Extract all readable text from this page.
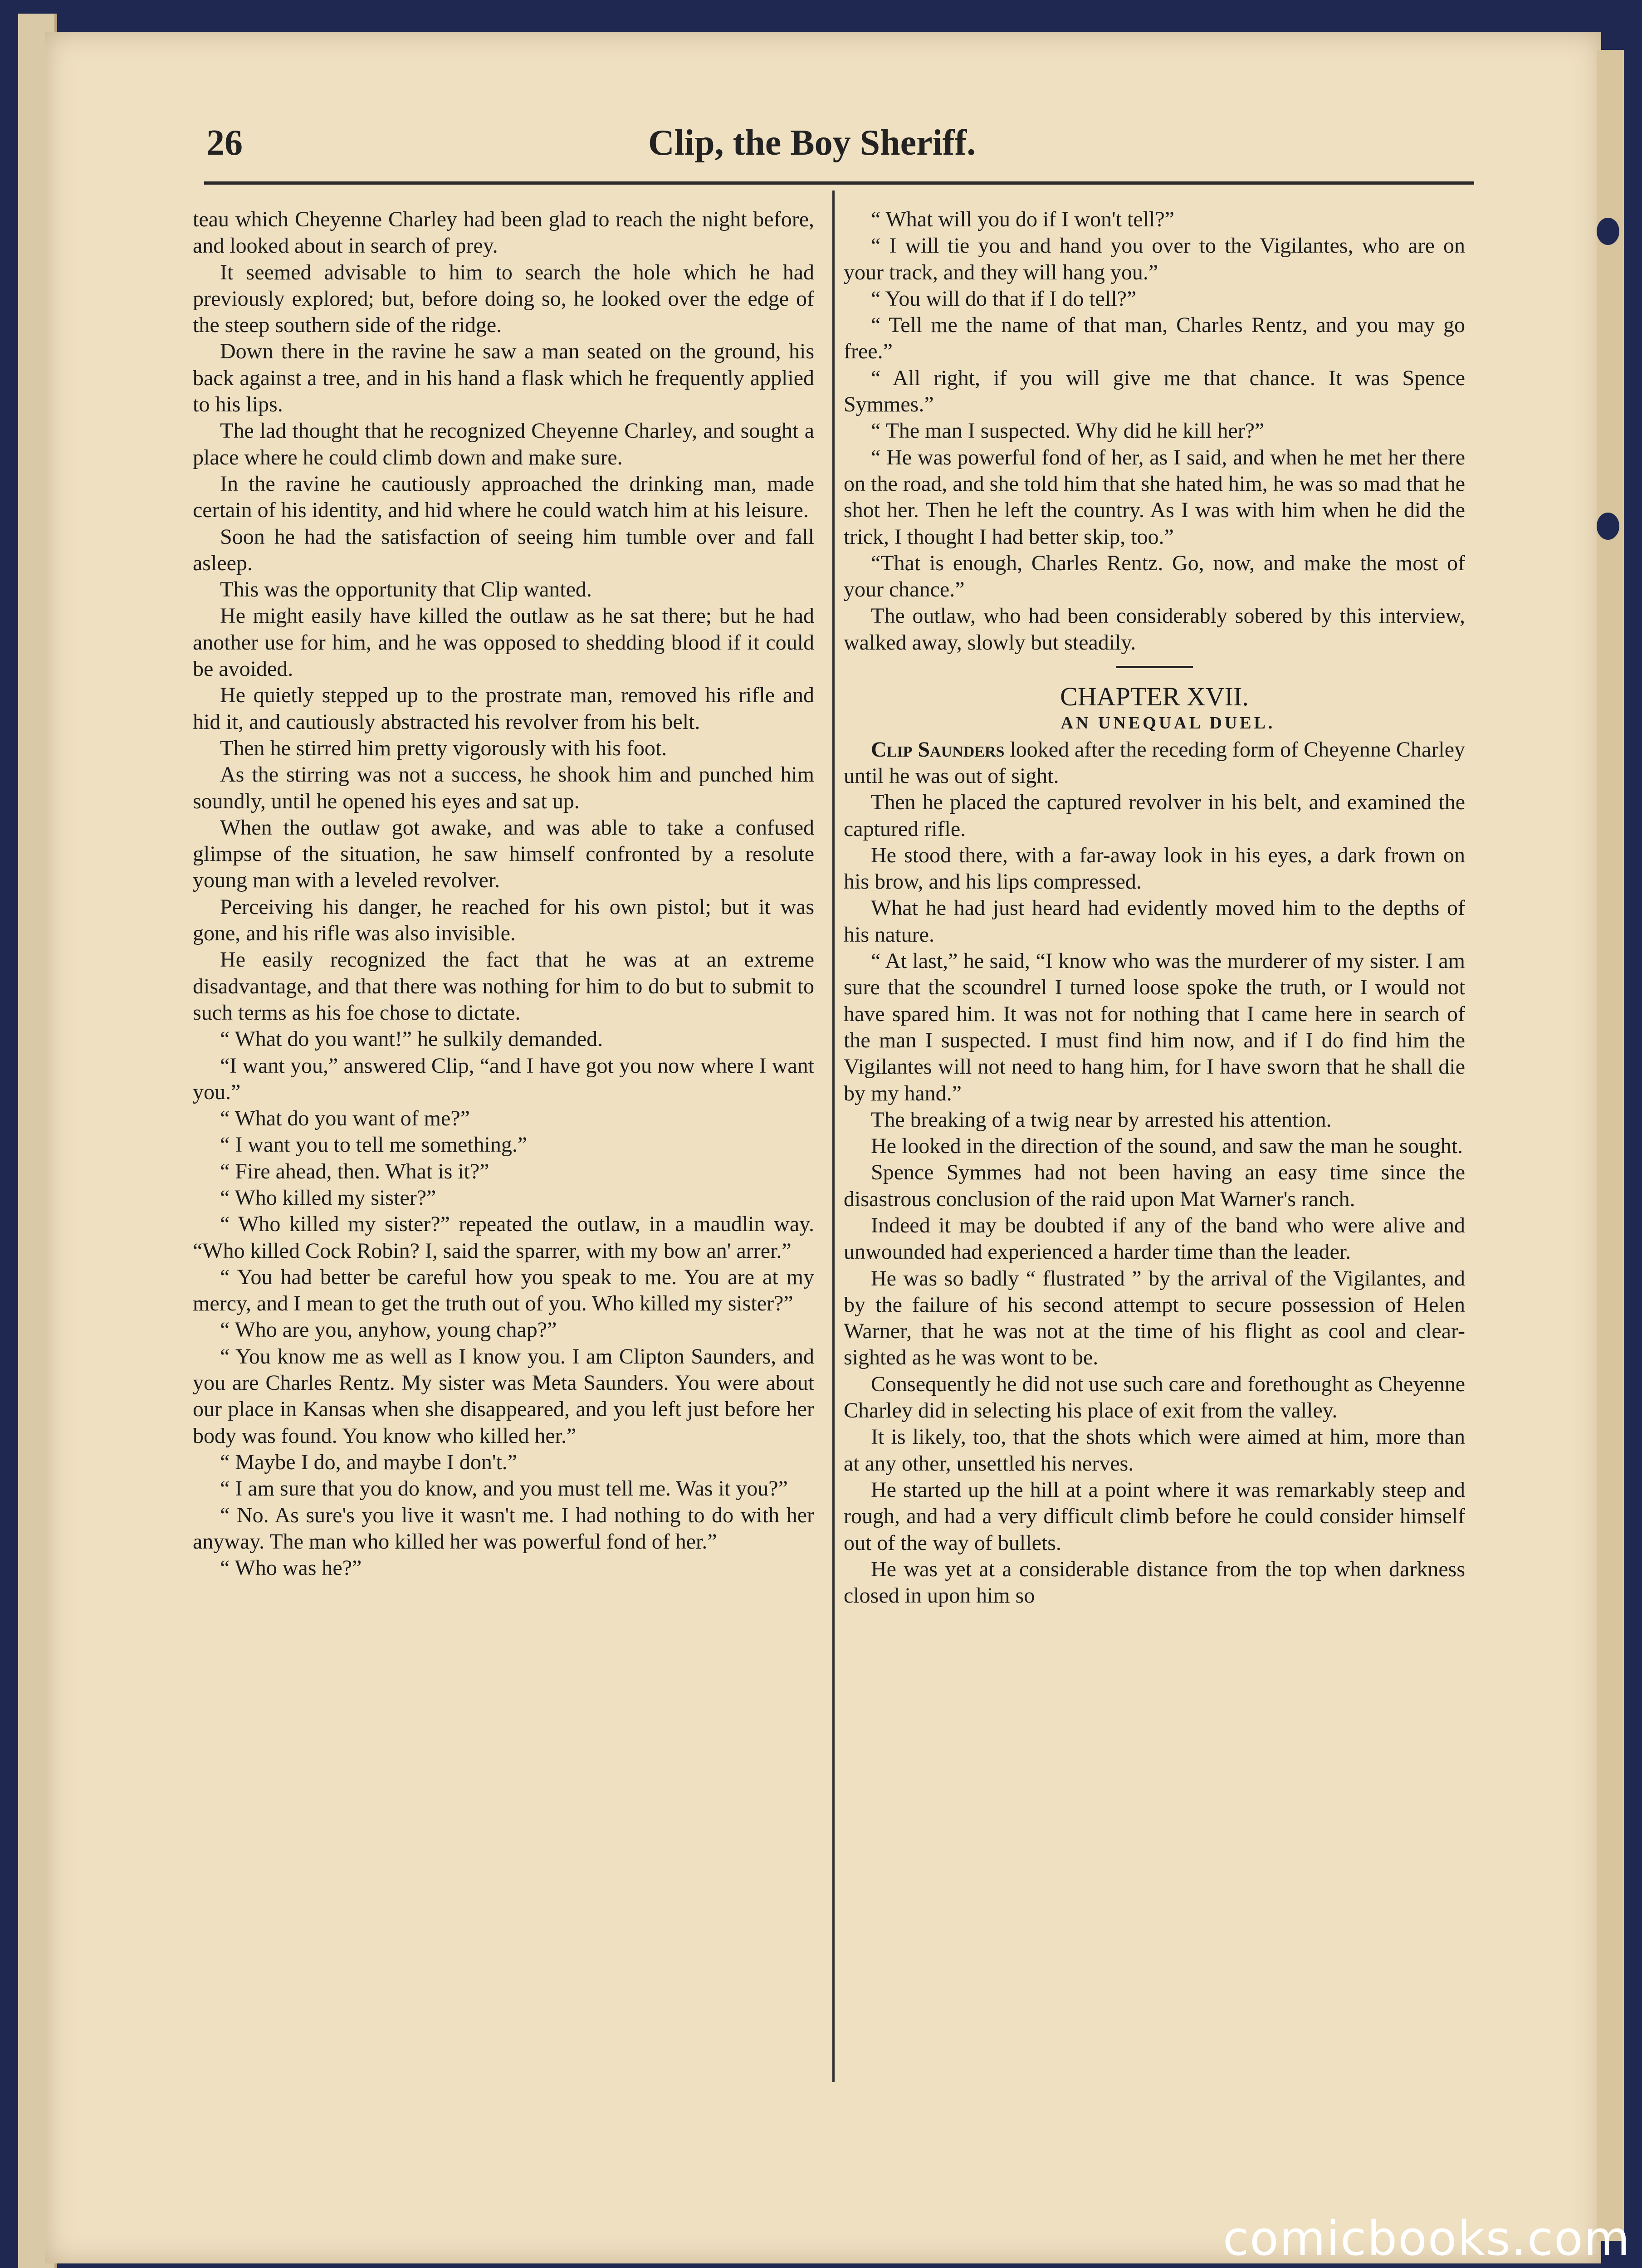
26	Clip, the Boy Sheriff.

teau which Cheyenne Charley had been glad to reach the night before, and looked about in search of prey.

It seemed advisable to him to search the hole which he had previously explored; but, before doing so, he looked over the edge of the steep southern side of the ridge.

Down there in the ravine he saw a man seated on the ground, his back against a tree, and in his hand a flask which he frequently applied to his lips.

The lad thought that he recognized Cheyenne Charley, and sought a place where he could climb down and make sure.

In the ravine he cautiously approached the drinking man, made certain of his identity, and hid where he could watch him at his leisure.

Soon he had the satisfaction of seeing him tumble over and fall asleep.

This was the opportunity that Clip wanted.

He might easily have killed the outlaw as he sat there; but he had another use for him, and he was opposed to shedding blood if it could be avoided.

He quietly stepped up to the prostrate man, removed his rifle and hid it, and cautiously abstracted his revolver from his belt.

Then he stirred him pretty vigorously with his foot.

As the stirring was not a success, he shook him and punched him soundly, until he opened his eyes and sat up.

When the outlaw got awake, and was able to take a confused glimpse of the situation, he saw himself confronted by a resolute young man with a leveled revolver.

Perceiving his danger, he reached for his own pistol; but it was gone, and his rifle was also invisible.

He easily recognized the fact that he was at an extreme disadvantage, and that there was nothing for him to do but to submit to such terms as his foe chose to dictate.

“ What do you want!” he sulkily demanded.

“I want you,” answered Clip, “and I have got you now where I want you.”

“ What do you want of me?”

“ I want you to tell me something.”

“ Fire ahead, then. What is it?”

“ Who killed my sister?”

“ Who killed my sister?” repeated the outlaw, in a maudlin way. “Who killed Cock Robin? I, said the sparrer, with my bow an' arrer.”

“ You had better be careful how you speak to me. You are at my mercy, and I mean to get the truth out of you. Who killed my sister?”

“ Who are you, anyhow, young chap?”

“ You know me as well as I know you. I am Clipton Saunders, and you are Charles Rentz. My sister was Meta Saunders. You were about our place in Kansas when she disappeared, and you left just before her body was found. You know who killed her.”

“ Maybe I do, and maybe I don't.”

“ I am sure that you do know, and you must tell me. Was it you?”

“ No. As sure's you live it wasn't me. I had nothing to do with her anyway. The man who killed her was powerful fond of her.”

“ Who was he?”

“ What will you do if I won't tell?”

“ I will tie you and hand you over to the Vigilantes, who are on your track, and they will hang you.”

“ You will do that if I do tell?”

“ Tell me the name of that man, Charles Rentz, and you may go free.”

“ All right, if you will give me that chance. It was Spence Symmes.”

“ The man I suspected. Why did he kill her?”

“ He was powerful fond of her, as I said, and when he met her there on the road, and she told him that she hated him, he was so mad that he shot her. Then he left the country. As I was with him when he did the trick, I thought I had better skip, too.”

“That is enough, Charles Rentz. Go, now, and make the most of your chance.”

The outlaw, who had been considerably sobered by this interview, walked away, slowly but steadily.

CHAPTER XVII.

AN UNEQUAL DUEL.

Clip Saunders looked after the receding form of Cheyenne Charley until he was out of sight.

Then he placed the captured revolver in his belt, and examined the captured rifle.

He stood there, with a far-away look in his eyes, a dark frown on his brow, and his lips compressed.

What he had just heard had evidently moved him to the depths of his nature.

“ At last,” he said, “I know who was the murderer of my sister. I am sure that the scoundrel I turned loose spoke the truth, or I would not have spared him. It was not for nothing that I came here in search of the man I suspected. I must find him now, and if I do find him the Vigilantes will not need to hang him, for I have sworn that he shall die by my hand.”

The breaking of a twig near by arrested his attention.

He looked in the direction of the sound, and saw the man he sought.

Spence Symmes had not been having an easy time since the disastrous conclusion of the raid upon Mat Warner's ranch.

Indeed it may be doubted if any of the band who were alive and unwounded had experienced a harder time than the leader.

He was so badly “ flustrated ” by the arrival of the Vigilantes, and by the failure of his second attempt to secure possession of Helen Warner, that he was not at the time of his flight as cool and clear-sighted as he was wont to be.

Consequently he did not use such care and forethought as Cheyenne Charley did in selecting his place of exit from the valley.

It is likely, too, that the shots which were aimed at him, more than at any other, unsettled his nerves.

He started up the hill at a point where it was remarkably steep and rough, and had a very difficult climb before he could consider himself out of the way of bullets.

He was yet at a considerable distance from the top when darkness closed in upon him so

comicbooks.com
